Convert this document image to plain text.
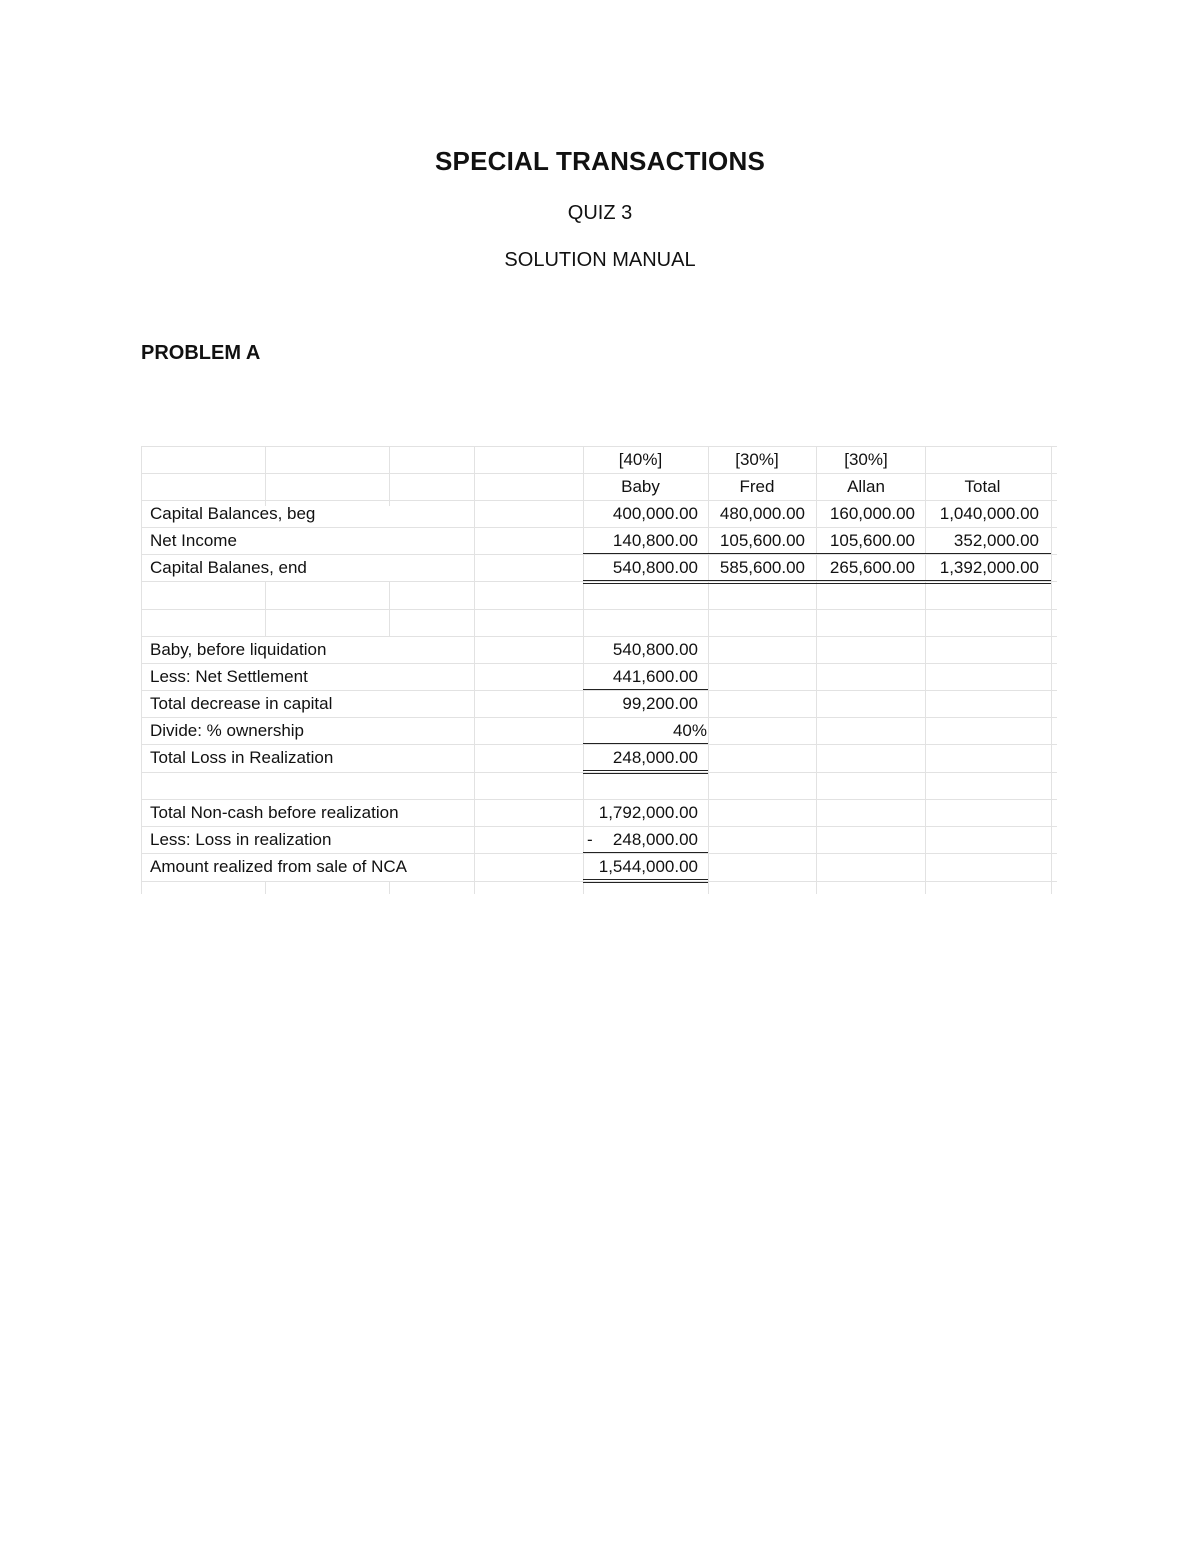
SPECIAL TRANSACTIONS
QUIZ 3
SOLUTION MANUAL
PROBLEM A
[40%]	[30%]	[30%]
Baby	Fred	Allan	Total
Capital Balances, beg	400,000.00	480,000.00	160,000.00	1,040,000.00
Net Income	140,800.00	105,600.00	105,600.00	352,000.00
Capital Balanes, end	540,800.00	585,600.00	265,600.00	1,392,000.00
Baby, before liquidation	540,800.00
Less: Net Settlement	441,600.00
Total decrease in capital	99,200.00
Divide: % ownership	40%
Total Loss in Realization	248,000.00
Total Non-cash before realization	1,792,000.00
Less: Loss in realization	-	248,000.00
Amount realized from sale of NCA	1,544,000.00
